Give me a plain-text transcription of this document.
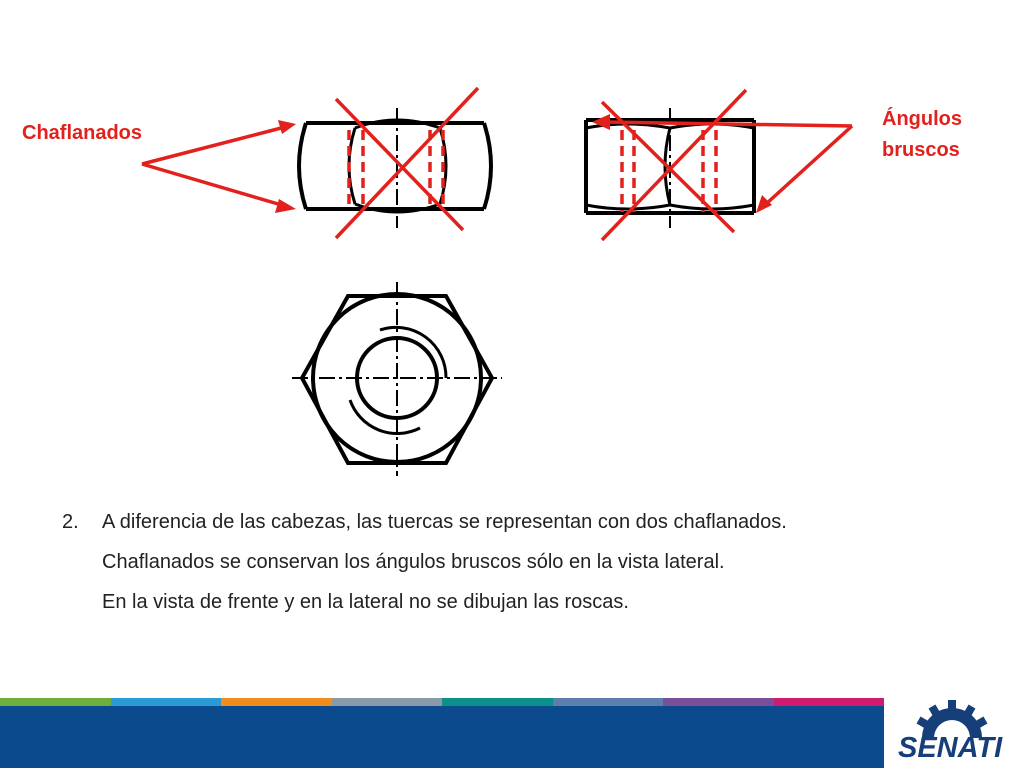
Chaflanados
Ángulos
bruscos
2. A diferencia de las cabezas, las tuercas se representan con dos chaflanados.
Chaflanados se conservan los ángulos bruscos sólo en la vista lateral.
En la vista de frente y en la lateral no se dibujan las roscas.
SENATI
